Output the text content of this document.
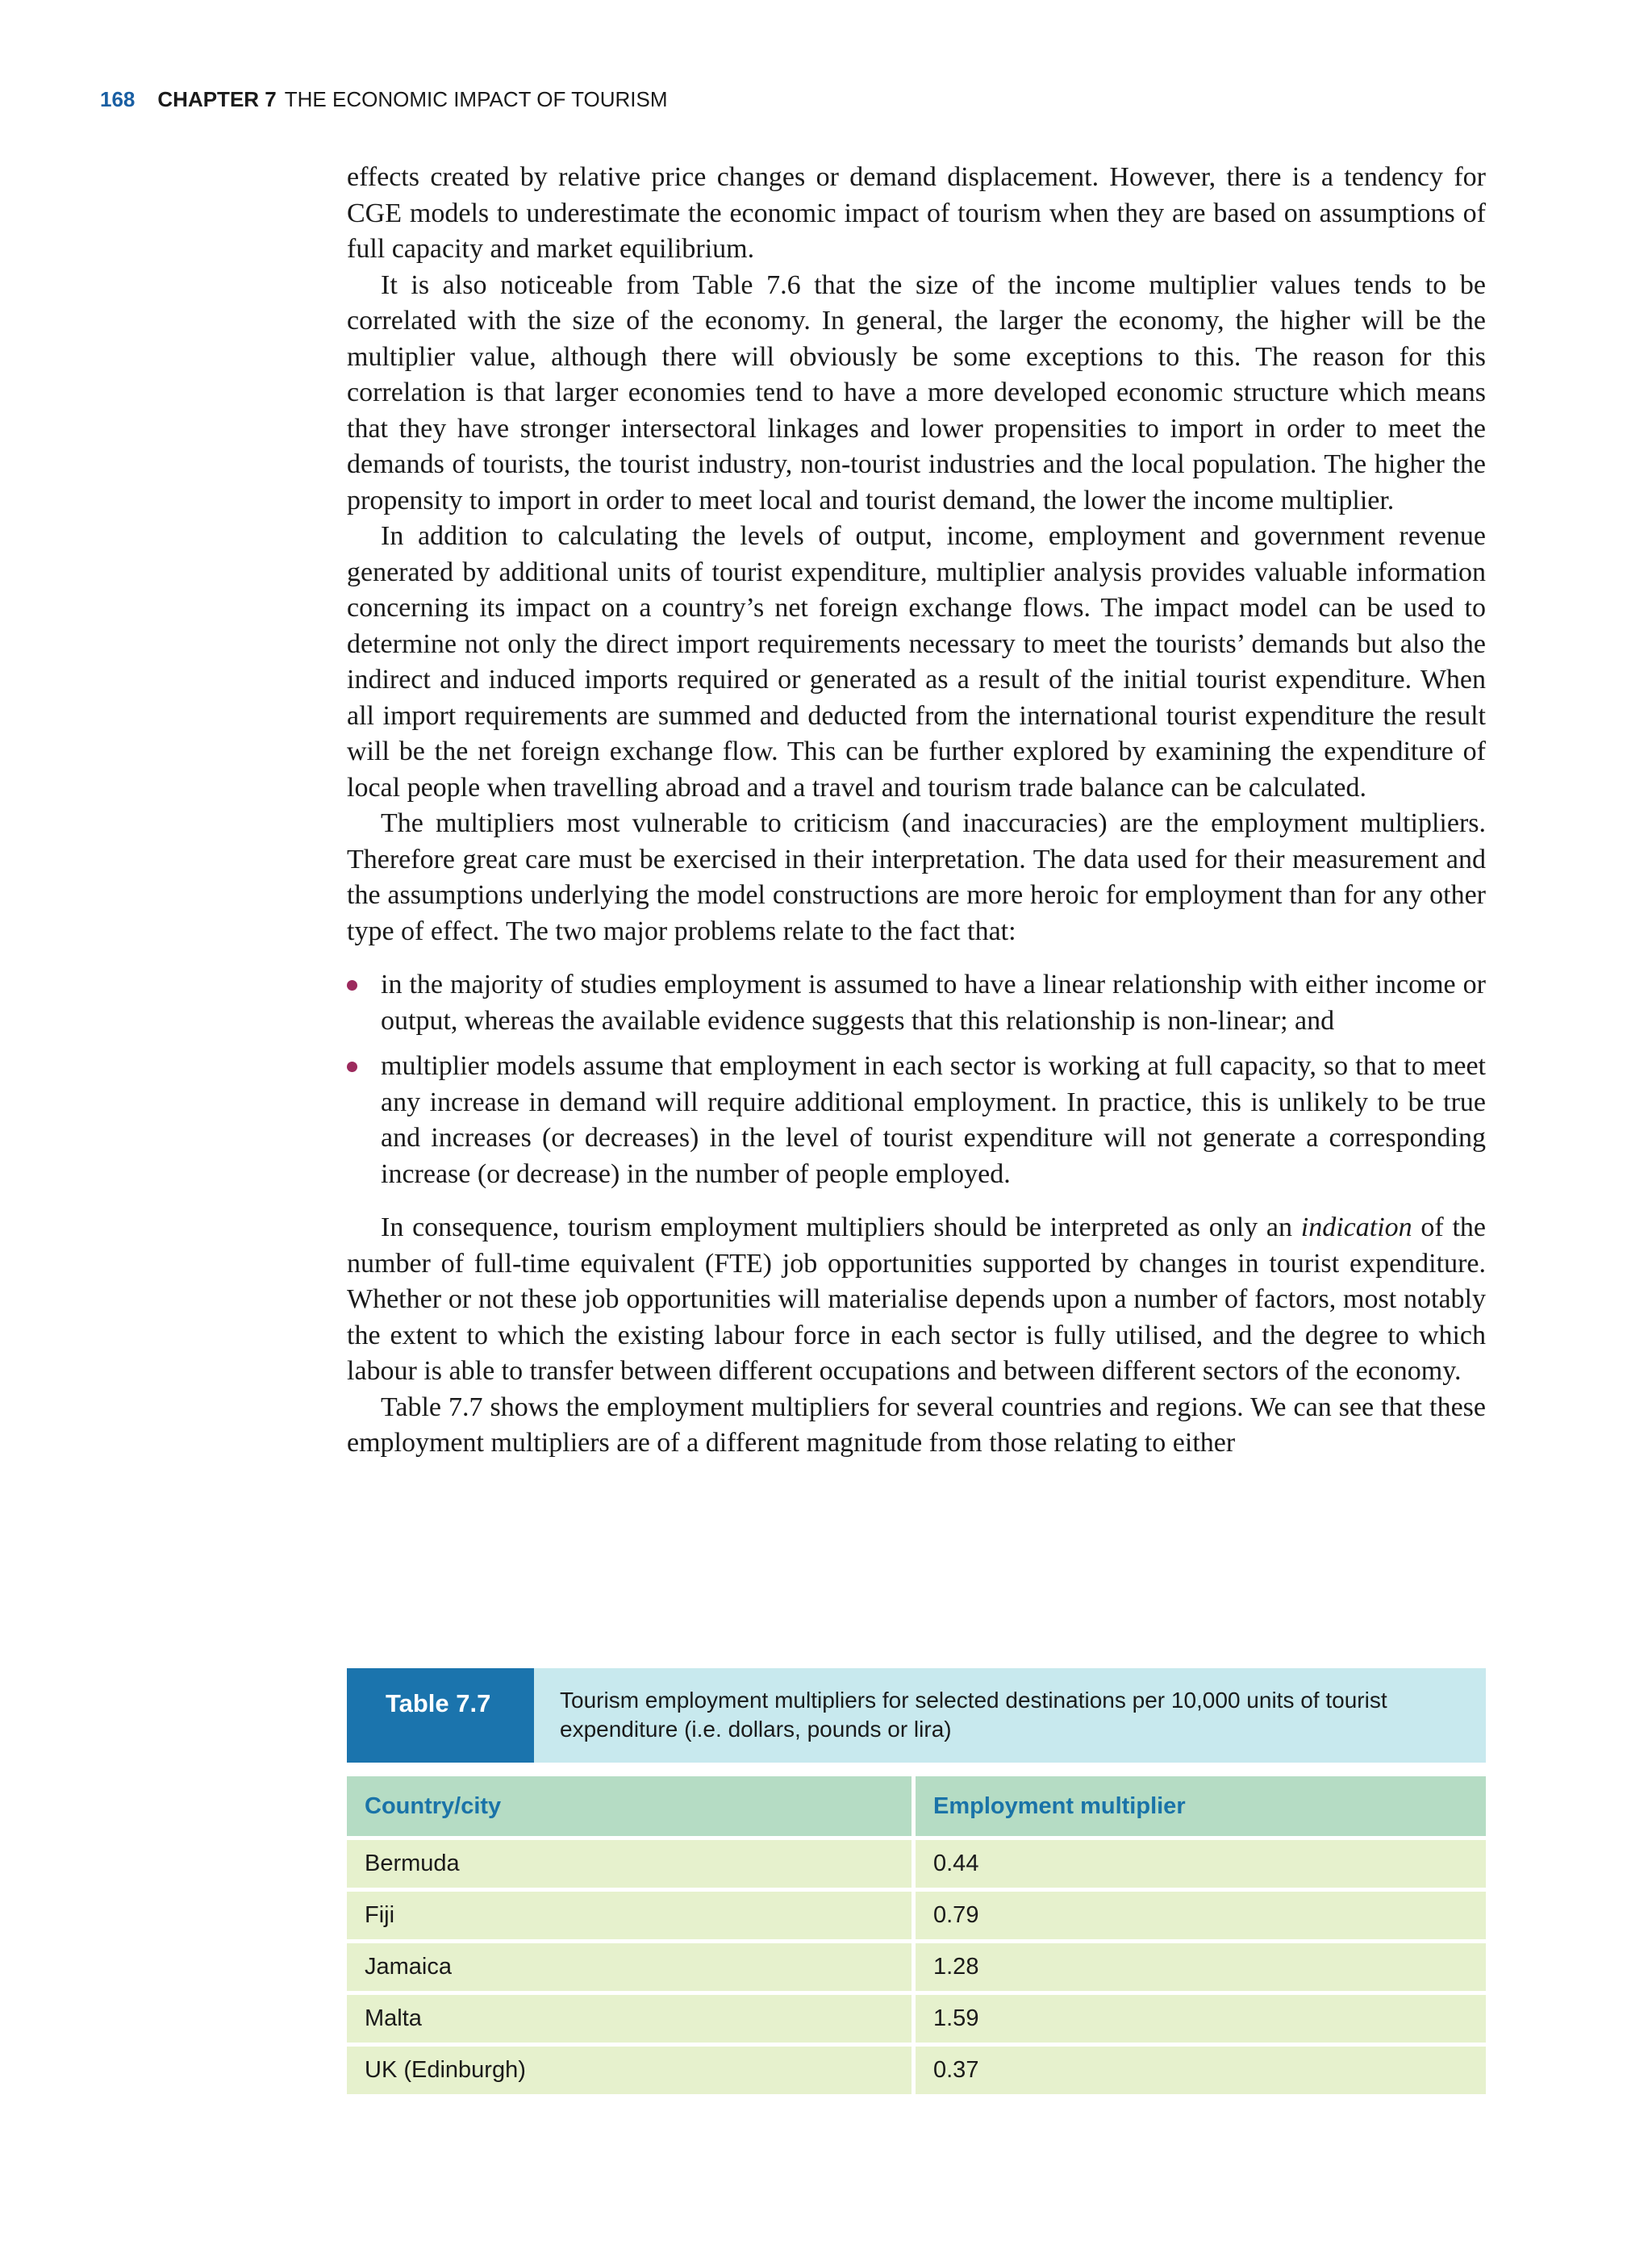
168 CHAPTER 7 THE ECONOMIC IMPACT OF TOURISM

effects created by relative price changes or demand displacement. However, there is a tendency for CGE models to underestimate the economic impact of tourism when they are based on assumptions of full capacity and market equilibrium.

It is also noticeable from Table 7.6 that the size of the income multiplier values tends to be correlated with the size of the economy. In general, the larger the economy, the higher will be the multiplier value, although there will obviously be some exceptions to this. The reason for this correlation is that larger economies tend to have a more developed economic structure which means that they have stronger intersectoral linkages and lower propensities to import in order to meet the demands of tourists, the tourist industry, non-tourist industries and the local population. The higher the propensity to import in order to meet local and tourist demand, the lower the income multiplier.

In addition to calculating the levels of output, income, employment and government revenue generated by additional units of tourist expenditure, multiplier analysis provides valuable information concerning its impact on a country’s net foreign exchange flows. The impact model can be used to determine not only the direct import requirements necessary to meet the tourists’ demands but also the indirect and induced imports required or generated as a result of the initial tourist expenditure. When all import requirements are summed and deducted from the international tourist expenditure the result will be the net foreign exchange flow. This can be further explored by examining the expenditure of local people when travelling abroad and a travel and tourism trade balance can be calculated.

The multipliers most vulnerable to criticism (and inaccuracies) are the employment multipliers. Therefore great care must be exercised in their interpretation. The data used for their measurement and the assumptions underlying the model constructions are more heroic for employment than for any other type of effect. The two major problems relate to the fact that:

in the majority of studies employment is assumed to have a linear relationship with either income or output, whereas the available evidence suggests that this relationship is non-linear; and
multiplier models assume that employment in each sector is working at full capacity, so that to meet any increase in demand will require additional employment. In practice, this is unlikely to be true and increases (or decreases) in the level of tourist expenditure will not generate a corresponding increase (or decrease) in the number of people employed.

In consequence, tourism employment multipliers should be interpreted as only an indication of the number of full-time equivalent (FTE) job opportunities supported by changes in tourist expenditure. Whether or not these job opportunities will materialise depends upon a number of factors, most notably the extent to which the existing labour force in each sector is fully utilised, and the degree to which labour is able to transfer between different occupations and between different sectors of the economy.

Table 7.7 shows the employment multipliers for several countries and regions. We can see that these employment multipliers are of a different magnitude from those relating to either

Table 7.7	Tourism employment multipliers for selected destinations per 10,000 units of tourist expenditure (i.e. dollars, pounds or lira)
Country/city	Employment multiplier
Bermuda	0.44
Fiji	0.79
Jamaica	1.28
Malta	1.59
UK (Edinburgh)	0.37
